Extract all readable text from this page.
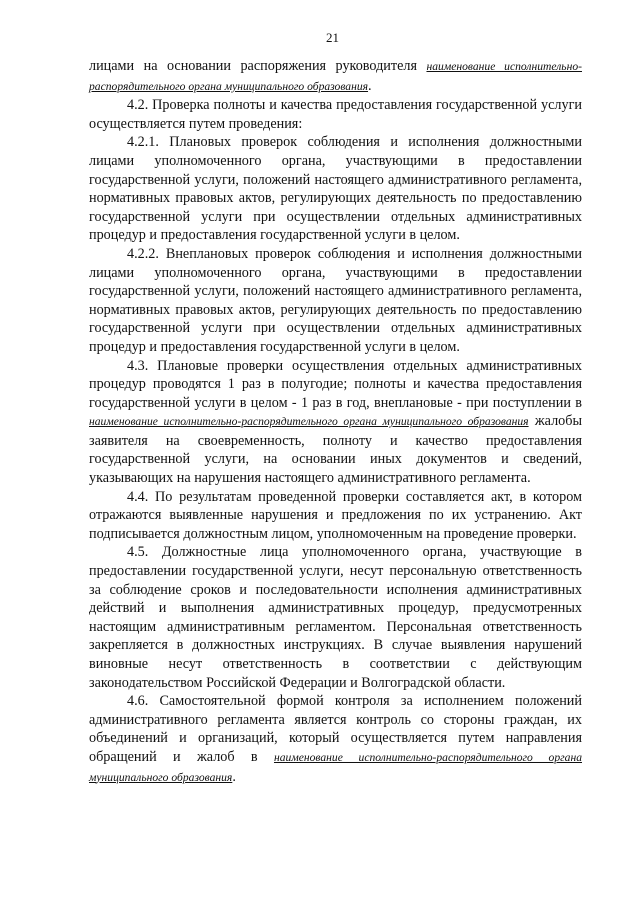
21

лицами на основании распоряжения руководителя наименование исполнительно-распорядительного органа муниципального образования.

4.2. Проверка полноты и качества предоставления государственной услуги осуществляется путем проведения:

4.2.1. Плановых проверок соблюдения и исполнения должностными лицами уполномоченного органа, участвующими в предоставлении государственной услуги, положений настоящего административного регламента, нормативных правовых актов, регулирующих деятельность по предоставлению государственной услуги при осуществлении отдельных административных процедур и предоставления государственной услуги в целом.

4.2.2. Внеплановых проверок соблюдения и исполнения должностными лицами уполномоченного органа, участвующими в предоставлении государственной услуги, положений настоящего административного регламента, нормативных правовых актов, регулирующих деятельность по предоставлению государственной услуги при осуществлении отдельных административных процедур и предоставления государственной услуги в целом.

4.3. Плановые проверки осуществления отдельных административных процедур проводятся 1 раз в полугодие; полноты и качества предоставления государственной услуги в целом - 1 раз в год, внеплановые - при поступлении в наименование исполнительно-распорядительного органа муниципального образования жалобы заявителя на своевременность, полноту и качество предоставления государственной услуги, на основании иных документов и сведений, указывающих на нарушения настоящего административного регламента.

4.4. По результатам проведенной проверки составляется акт, в котором отражаются выявленные нарушения и предложения по их устранению. Акт подписывается должностным лицом, уполномоченным на проведение проверки.

4.5. Должностные лица уполномоченного органа, участвующие в предоставлении государственной услуги, несут персональную ответственность за соблюдение сроков и последовательности исполнения административных действий и выполнения административных процедур, предусмотренных настоящим административным регламентом. Персональная ответственность закрепляется в должностных инструкциях. В случае выявления нарушений виновные несут ответственность в соответствии с действующим законодательством Российской Федерации и Волгоградской области.

4.6. Самостоятельной формой контроля за исполнением положений административного регламента является контроль со стороны граждан, их объединений и организаций, который осуществляется путем направления обращений и жалоб в наименование исполнительно-распорядительного органа муниципального образования.
